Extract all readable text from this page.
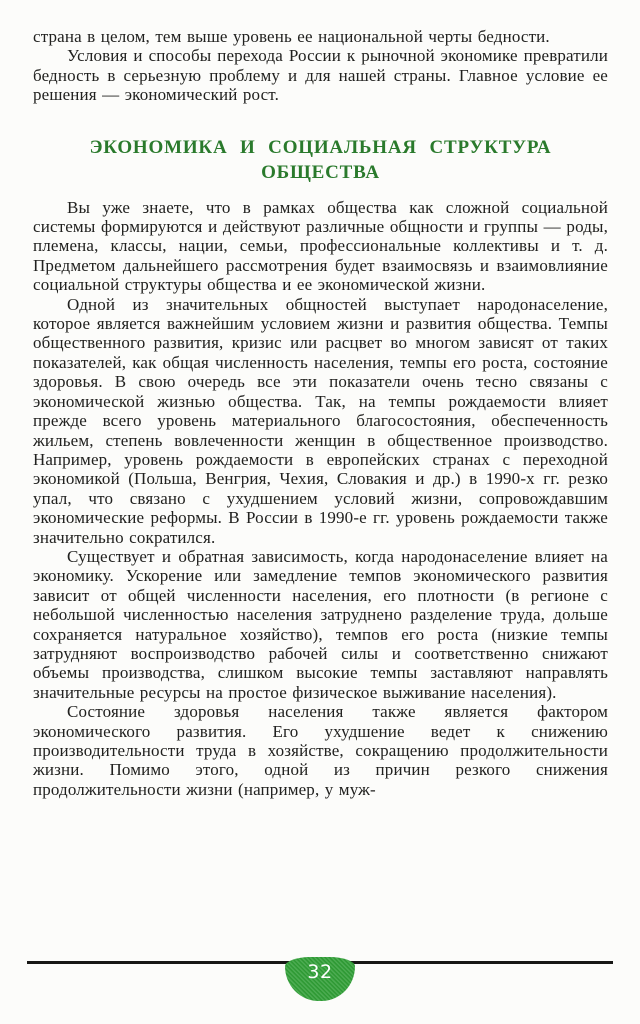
страна в целом, тем выше уровень ее национальной черты бедности.

Условия и способы перехода России к рыночной экономике превратили бедность в серьезную проблему и для нашей страны. Главное условие ее решения — экономический рост.

ЭКОНОМИКА И СОЦИАЛЬНАЯ СТРУКТУРА ОБЩЕСТВА

Вы уже знаете, что в рамках общества как сложной социальной системы формируются и действуют различные общности и группы — роды, племена, классы, нации, семьи, профессиональные коллективы и т. д. Предметом дальнейшего рассмотрения будет взаимосвязь и взаимовлияние социальной структуры общества и ее экономической жизни.

Одной из значительных общностей выступает народонаселение, которое является важнейшим условием жизни и развития общества. Темпы общественного развития, кризис или расцвет во многом зависят от таких показателей, как общая численность населения, темпы его роста, состояние здоровья. В свою очередь все эти показатели очень тесно связаны с экономической жизнью общества. Так, на темпы рождаемости влияет прежде всего уровень материального благосостояния, обеспеченность жильем, степень вовлеченности женщин в общественное производство. Например, уровень рождаемости в европейских странах с переходной экономикой (Польша, Венгрия, Чехия, Словакия и др.) в 1990-х гг. резко упал, что связано с ухудшением условий жизни, сопровождавшим экономические реформы. В России в 1990-е гг. уровень рождаемости также значительно сократился.

Существует и обратная зависимость, когда народонаселение влияет на экономику. Ускорение или замедление темпов экономического развития зависит от общей численности населения, его плотности (в регионе с небольшой численностью населения затруднено разделение труда, дольше сохраняется натуральное хозяйство), темпов его роста (низкие темпы затрудняют воспроизводство рабочей силы и соответственно снижают объемы производства, слишком высокие темпы заставляют направлять значительные ресурсы на простое физическое выживание населения).

Состояние здоровья населения также является фактором экономического развития. Его ухудшение ведет к снижению производительности труда в хозяйстве, сокращению продолжительности жизни. Помимо этого, одной из причин резкого снижения продолжительности жизни (например, у муж-

32
